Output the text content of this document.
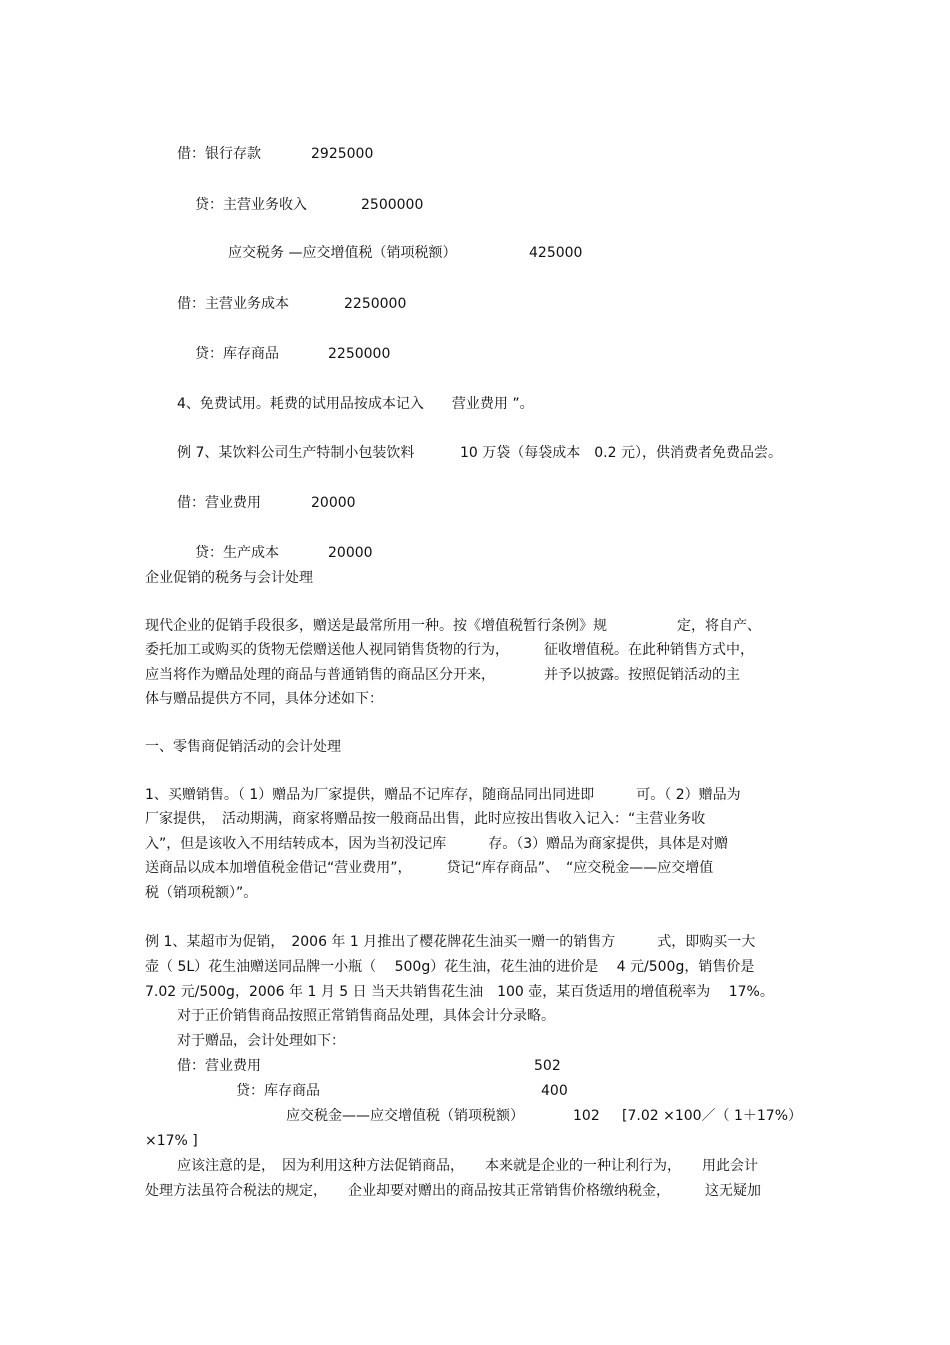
借：银行存款	2925000
贷：主营业务收入	2500000
应交税务 —应交增值税（销项税额）	425000
借：主营业务成本	2250000
贷：库存商品	2250000
4、免费试用。耗费的试用品按成本记入　　营业费用 ”。
例 7、某饮料公司生产特制小包装饮料	10 万袋（每袋成本　0.2 元），供消费者免费品尝。
借：营业费用	20000
贷：生产成本	20000
企业促销的税务与会计处理
现代企业的促销手段很多，赠送是最常所用一种。按《增值税暂行条例》规　　　　　定，将自产、
委托加工或购买的货物无偿赠送他人视同销售货物的行为，　　　征收增值税。在此种销售方式中，
应当将作为赠品处理的商品与普通销售的商品区分开来，　　　　并予以披露。按照促销活动的主
体与赠品提供方不同，具体分述如下：
一、零售商促销活动的会计处理
1、买赠销售。（ 1）赠品为厂家提供，赠品不记库存，随商品同出同进即　　　可。（ 2）赠品为
厂家提供，　活动期满，商家将赠品按一般商品出售，此时应按出售收入记入：“主营业务收
入”，但是该收入不用结转成本，因为当初没记库　　　存。（3）赠品为商家提供，具体是对赠
送商品以成本加增值税金借记“营业费用”，　　　贷记“库存商品”、　“应交税金——应交增值
税（销项税额）”。
例 1、某超市为促销，　2006 年 1 月推出了樱花牌花生油买一赠一的销售方　　　式，即购买一大
壶（ 5L）花生油赠送同品牌一小瓶（　 500g）花生油，花生油的进价是　 4 元/500g，销售价是
7.02 元/500g，2006 年 1 月 5 日 当天共销售花生油　100 壶，某百货适用的增值税率为　 17%。
对于正价销售商品按照正常销售商品处理，具体会计分录略。
对于赠品，会计处理如下：
借：营业费用	502
贷：库存商品	400
应交税金——应交增值税（销项税额）	102 [7.02 ×100／（ 1＋17%）
×17% ]
应该注意的是，　因为利用这种方法促销商品，　　本来就是企业的一种让利行为，　　用此会计
处理方法虽符合税法的规定，　　企业却要对赠出的商品按其正常销售价格缴纳税金，　　　这无疑加
